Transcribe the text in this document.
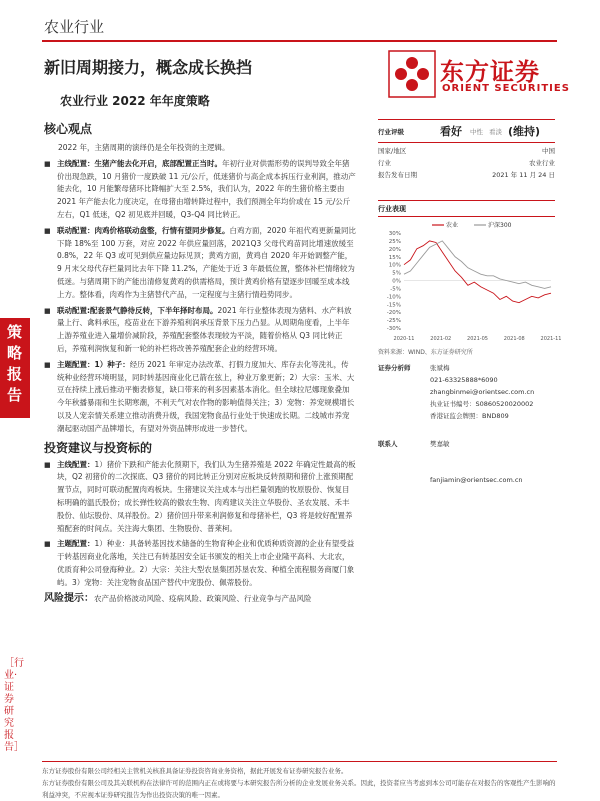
农业行业
新旧周期接力，概念成长换挡
农业行业 2022 年年度策略
东方证券
ORIENT SECURITIES
策略报告
［行业·证券研究报告］
核心观点

2022 年，主猪周期的演绎仍是全年投资的主逻辑。

■ 主线配置：生猪产能去化开启，底部配置正当时。年初行业对供需形势的误判导致全年猪价出现急跌，10 月猪价一度跌破 11 元/公斤，低迷猪价与高企成本拆压行业利润，推动产能去化，10 月能繁母猪环比降幅扩大至 2.5%，我们认为，2022 年的生猪价格主要由 2021 年产能去化力度决定，在母猪由增转降过程中，我们预测全年均价或在 15 元/公斤左右，Q1 低迷，Q2 初见底并回暖，Q3-Q4 同比转正。
■ 联动配置：肉鸡价格联动盘整，行情有望同步修复。白鸡方面，2020 年祖代鸡更新量同比下降 18%至 100 万套，对应 2022 年供应量回落，2021Q3 父母代鸡苗同比增速放缓至 0.8%，22 年 Q3 或可见到供应量边际见顶；黄鸡方面，黄鸡自 2020 年开始调整产能，9 月末父母代存栏量同比去年下降 11.2%，产能处于近 3 年最低位置，整体补栏情绪较为低迷。与猪周期下的产能出清修复黄鸡的供需格局，预计黄鸡价格有望逐步回暖至成本线上方。整体看，肉鸡作为主猪替代产品，一定程度与主猪行情趋势同步。
■ 联动配置:配套景气静待反转，下半年择时布局。2021 年行业整体表现为猪料、水产料放量上行、禽料承压，疫苗业在下游养殖利润承压背景下压力凸显。从周期角度看，上半年上游养殖业进入量增价减阶段，养殖配套整体表现较为平淡，随着价格从 Q3 同比转正后，养殖利润恢复和新一轮的补栏将改善养殖配套企业的经营环境。
■ 主题配置：1）种子：经历 2021 年审定办法改革、打假力度加大、库存去化等洗礼，传统种业经营环境明显，同时转基因商业化已箭在弦上，种业万象更新；2）大宗：玉米、大豆在持续上涨后推动平衡表修复，缺口带来的利多因素基本消化。但全球拉尼娜现象叠加今年秋播暴雨和生长期寒潮，不利天气对农作物的影响值得关注；3）宠物：养宠规模增长以及人宠亲情关系建立推动消费升级，我国宠物食品行业处于快速成长期。二线城市养宠潮起驱动国产品牌增长，有望对外资品牌形成进一步替代。
投资建议与投资标的
■ 主线配置：1）猪价下跌和产能去化预期下，我们认为生猪养殖是 2022 年确定性最高的板块，Q2 初猪价的二次探底、Q3 猪价的同比转正分别对应板块反转预期和猪价上涨预期配置节点，同时可联动配置肉鸡板块。生猪建议关注成本与出栏量领跑的牧原股份、恢复目标明确的温氏股份；成长弹性较高的傲农生物、肉鸡建议关注立华股份、圣农发展、禾丰股份、仙坛股份、凤祥股份。2）猪价回升带来利润修复和母猪补栏，Q3 将是较好配置养殖配套的时间点。关注海大集团、生物股份、普莱柯。
■ 主题配置：1）种业：具备转基因技术储备的生物育种企业和优质种质资源的企业有望受益于转基因商业化落地，关注已有转基因安全证书颁发的相关上市企业隆平高科、大北农，优质育种公司登海种业。2）大宗：关注大型农垦集团苏垦农发、种植全流程服务商厦门象屿。3）宠物：关注宠物食品国产替代中宠股份、佩蒂股份。
风险提示：农产品价格波动风险、疫病风险、政策风险、行业竞争与产品风险
行业评级	看好 中性 看淡 (维持)
国家/地区	中国
行业	农业行业
报告发布日期	2021 年 11 月 24 日
行业表现
30%
25%
20%
15%
10%
5%
0%
-5%
-10%
-15%
-20%
-25%
-30%
2020-11	2021-02	2021-05	2021-08	2021-11
农业	沪深300
资料来源：WIND、东方证券研究所
证券分析师	张斌梅
021-63325888*6090
zhangbinmei@orientsec.com.cn
执业证书编号：S0860520020002
香港证监会牌照：BND809
联系人	樊嘉敏
fanjiamin@orientsec.com.cn
东方证券股份有限公司经相关主管机关核准具备证券投资咨询业务资格，据此开展发布证券研究报告业务。
东方证券股份有限公司及其关联机构在法律许可的范围内正在或将要与本研究报告所分析的企业发展业务关系。因此，投资者应当考虑到本公司可能存在对报告的客观性产生影响的利益冲突，不应视本证券研究报告为作出投资决策的唯一因素。
